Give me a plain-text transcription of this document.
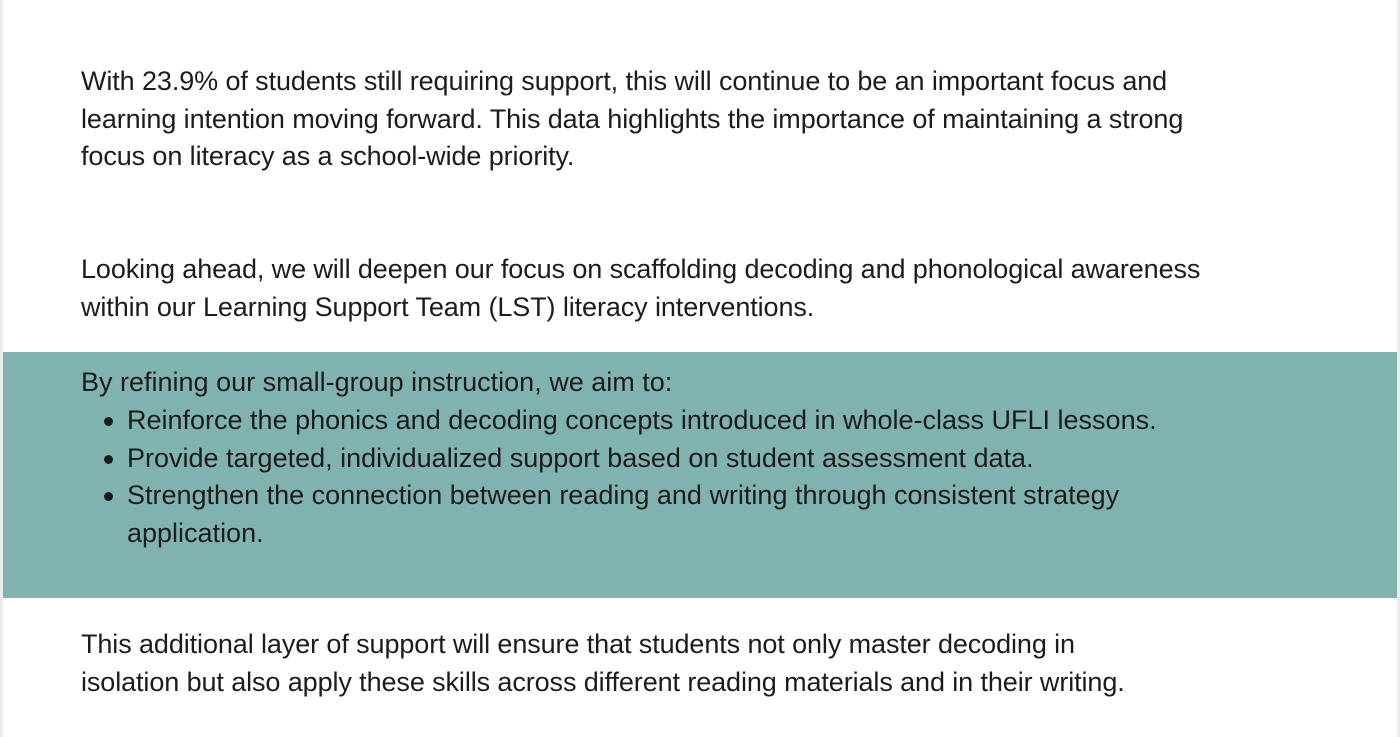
With 23.9% of students still requiring support, this will continue to be an important focus and
learning intention moving forward. This data highlights the importance of maintaining a strong
focus on literacy as a school-wide priority.

Looking ahead, we will deepen our focus on scaffolding decoding and phonological awareness
within our Learning Support Team (LST) literacy interventions.

By refining our small-group instruction, we aim to:

Reinforce the phonics and decoding concepts introduced in whole-class UFLI lessons.
Provide targeted, individualized support based on student assessment data.
Strengthen the connection between reading and writing through consistent strategy
application.

This additional layer of support will ensure that students not only master decoding in
isolation but also apply these skills across different reading materials and in their writing.
